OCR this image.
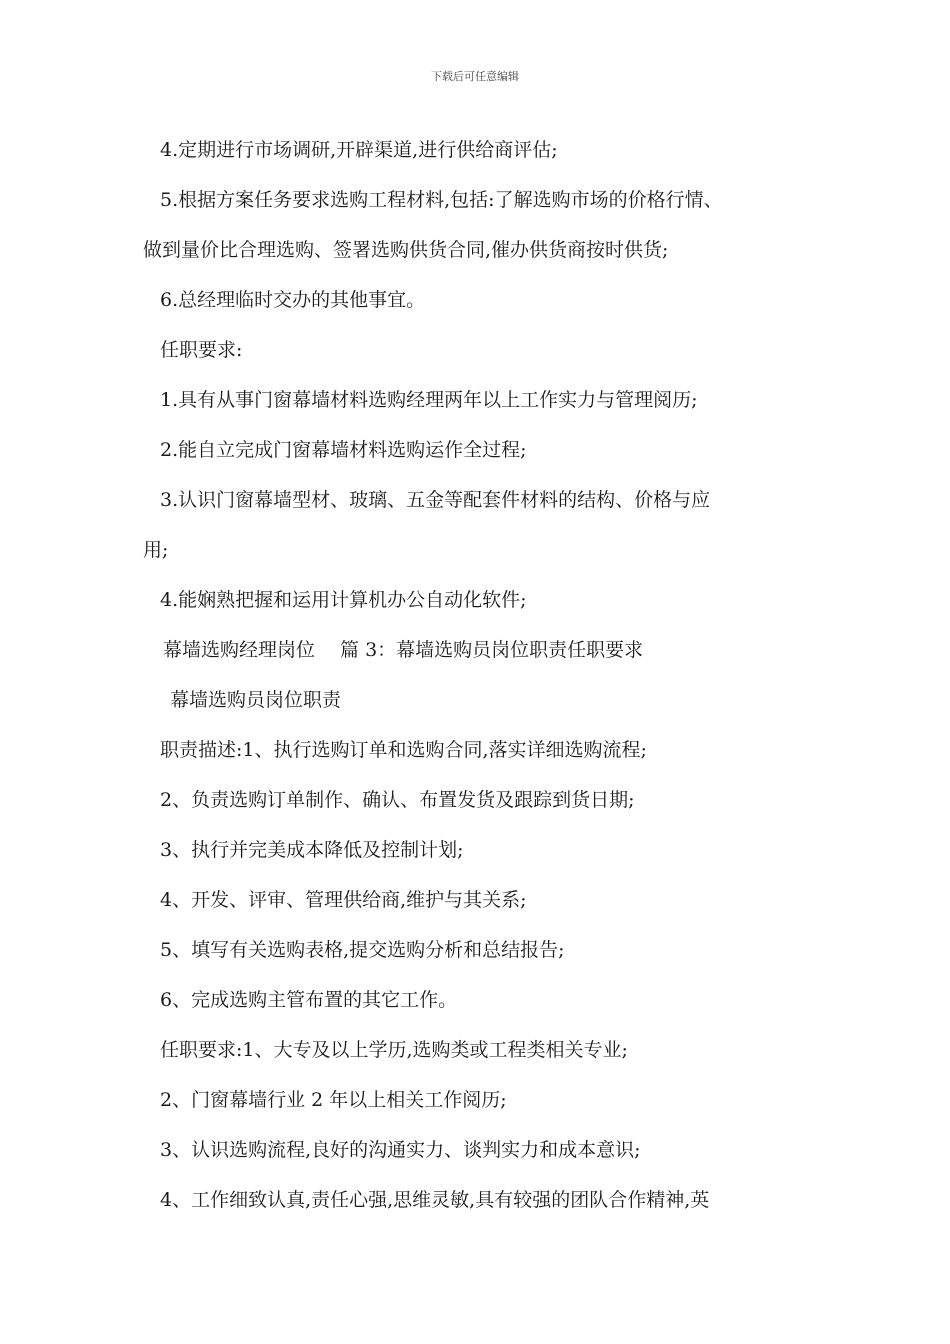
下载后可任意编辑
4.定期进行市场调研,开辟渠道,进行供给商评估;
5.根据方案任务要求选购工程材料,包括:了解选购市场的价格行情、
做到量价比合理选购、签署选购供货合同,催办供货商按时供货;
6.总经理临时交办的其他事宜。
任职要求:
1.具有从事门窗幕墙材料选购经理两年以上工作实力与管理阅历;
2.能自立完成门窗幕墙材料选购运作全过程;
3.认识门窗幕墙型材、玻璃、五金等配套件材料的结构、价格与应
用;
4.能娴熟把握和运用计算机办公自动化软件;
幕墙选购经理岗位　 篇 3：幕墙选购员岗位职责任职要求
幕墙选购员岗位职责
职责描述:1、执行选购订单和选购合同,落实详细选购流程;
2、负责选购订单制作、确认、布置发货及跟踪到货日期;
3、执行并完美成本降低及控制计划;
4、开发、评审、管理供给商,维护与其关系;
5、填写有关选购表格,提交选购分析和总结报告;
6、完成选购主管布置的其它工作。
任职要求:1、大专及以上学历,选购类或工程类相关专业;
2、门窗幕墙行业 2 年以上相关工作阅历;
3、认识选购流程,良好的沟通实力、谈判实力和成本意识;
4、工作细致认真,责任心强,思维灵敏,具有较强的团队合作精神,英
